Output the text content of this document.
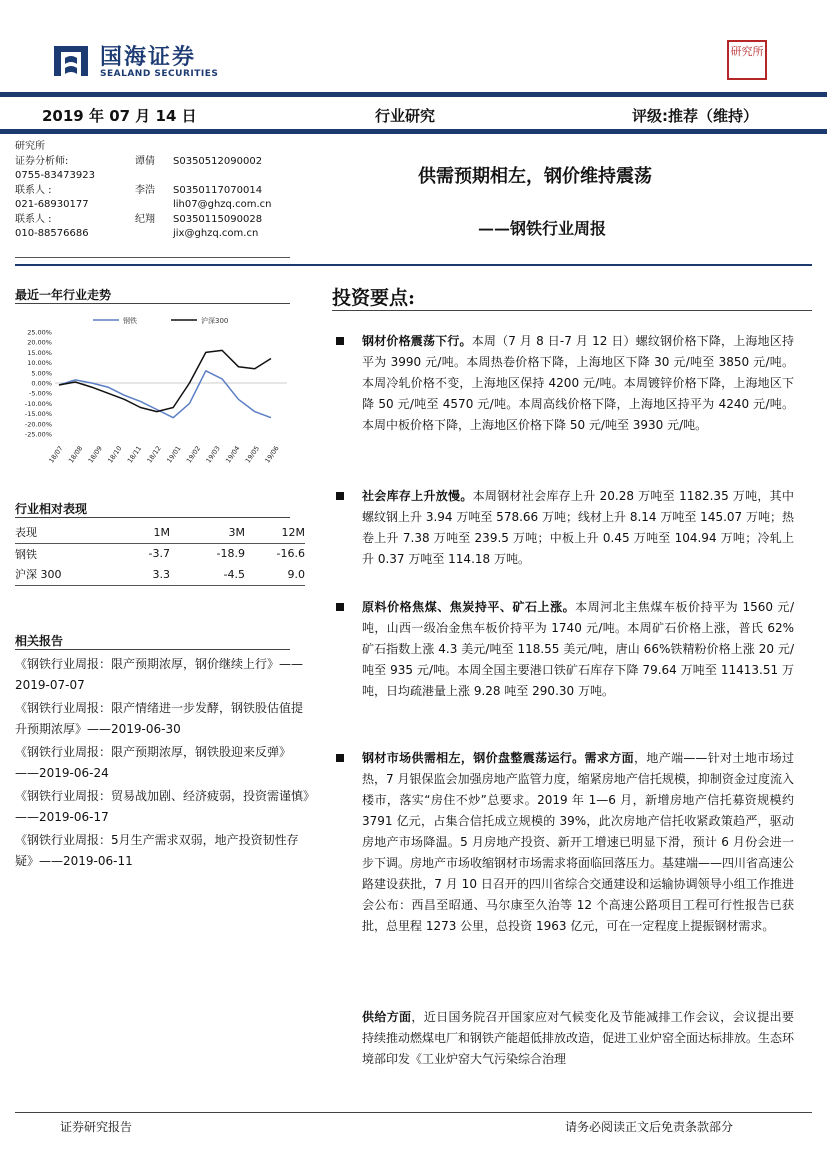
国海证券
SEALAND SECURITIES
研究所
2019 年 07 月 14 日	行业研究	评级:推荐（维持）
研究所
证券分析师:	谭倩	S0350512090002
0755-83473923
联系人 :	李浩	S0350117070014
021-68930177	lih07@ghzq.com.cn
联系人 :	纪翔	S0350115090028
010-88576686	jix@ghzq.com.cn
供需预期相左，钢价维持震荡
——钢铁行业周报
最近一年行业走势
钢铁	沪深300
25.00%
20.00%
15.00%
10.00%
5.00%
0.00%
-5.00%
-10.00%
-15.00%
-20.00%
-25.00%
18/07 18/08 18/09 18/10 18/11 18/12 19/01 19/02 19/03 19/04 19/05 19/06
行业相对表现
表现	1M	3M	12M
钢铁	-3.7	-18.9	-16.6
沪深 300	3.3	-4.5	9.0
相关报告
《钢铁行业周报：限产预期浓厚，钢价继续上行》——2019-07-07
《钢铁行业周报：限产情绪进一步发酵，钢铁股估值提升预期浓厚》——2019-06-30
《钢铁行业周报：限产预期浓厚，钢铁股迎来反弹》——2019-06-24
《钢铁行业周报：贸易战加剧、经济疲弱，投资需谨慎》——2019-06-17
《钢铁行业周报：5月生产需求双弱，地产投资韧性存疑》——2019-06-11
投资要点:
钢材价格震荡下行。本周（7 月 8 日-7 月 12 日）螺纹钢价格下降，上海地区持平为 3990 元/吨。本周热卷价格下降，上海地区下降 30 元/吨至 3850 元/吨。本周冷轧价格不变，上海地区保持 4200 元/吨。本周镀锌价格下降，上海地区下降 50 元/吨至 4570 元/吨。本周高线价格下降，上海地区持平为 4240 元/吨。本周中板价格下降，上海地区价格下降 50 元/吨至 3930 元/吨。
社会库存上升放慢。本周钢材社会库存上升 20.28 万吨至 1182.35 万吨，其中螺纹钢上升 3.94 万吨至 578.66 万吨；线材上升 8.14 万吨至 145.07 万吨；热卷上升 7.38 万吨至 239.5 万吨；中板上升 0.45 万吨至 104.94 万吨；冷轧上升 0.37 万吨至 114.18 万吨。
原料价格焦煤、焦炭持平、矿石上涨。本周河北主焦煤车板价持平为 1560 元/吨，山西一级冶金焦车板价持平为 1740 元/吨。本周矿石价格上涨，普氏 62%矿石指数上涨 4.3 美元/吨至 118.55 美元/吨，唐山 66%铁精粉价格上涨 20 元/吨至 935 元/吨。本周全国主要港口铁矿石库存下降 79.64 万吨至 11413.51 万吨，日均疏港量上涨 9.28 吨至 290.30 万吨。
钢材市场供需相左，钢价盘整震荡运行。需求方面，地产端——针对土地市场过热，7 月银保监会加强房地产监管力度，缩紧房地产信托规模，抑制资金过度流入楼市，落实“房住不炒”总要求。2019 年 1—6 月，新增房地产信托募资规模约 3791 亿元，占集合信托成立规模的 39%，此次房地产信托收紧政策趋严，驱动房地产市场降温。5 月房地产投资、新开工增速已明显下滑，预计 6 月份会进一步下调。房地产市场收缩钢材市场需求将面临回落压力。基建端——四川省高速公路建设获批，7 月 10 日召开的四川省综合交通建设和运输协调领导小组工作推进会公布：西昌至昭通、马尔康至久治等 12 个高速公路项目工程可行性报告已获批，总里程 1273 公里，总投资 1963 亿元，可在一定程度上提振钢材需求。
供给方面，近日国务院召开国家应对气候变化及节能减排工作会议，会议提出要持续推动燃煤电厂和钢铁产能超低排放改造，促进工业炉窑全面达标排放。生态环境部印发《工业炉窑大气污染综合治理
证券研究报告	请务必阅读正文后免责条款部分
